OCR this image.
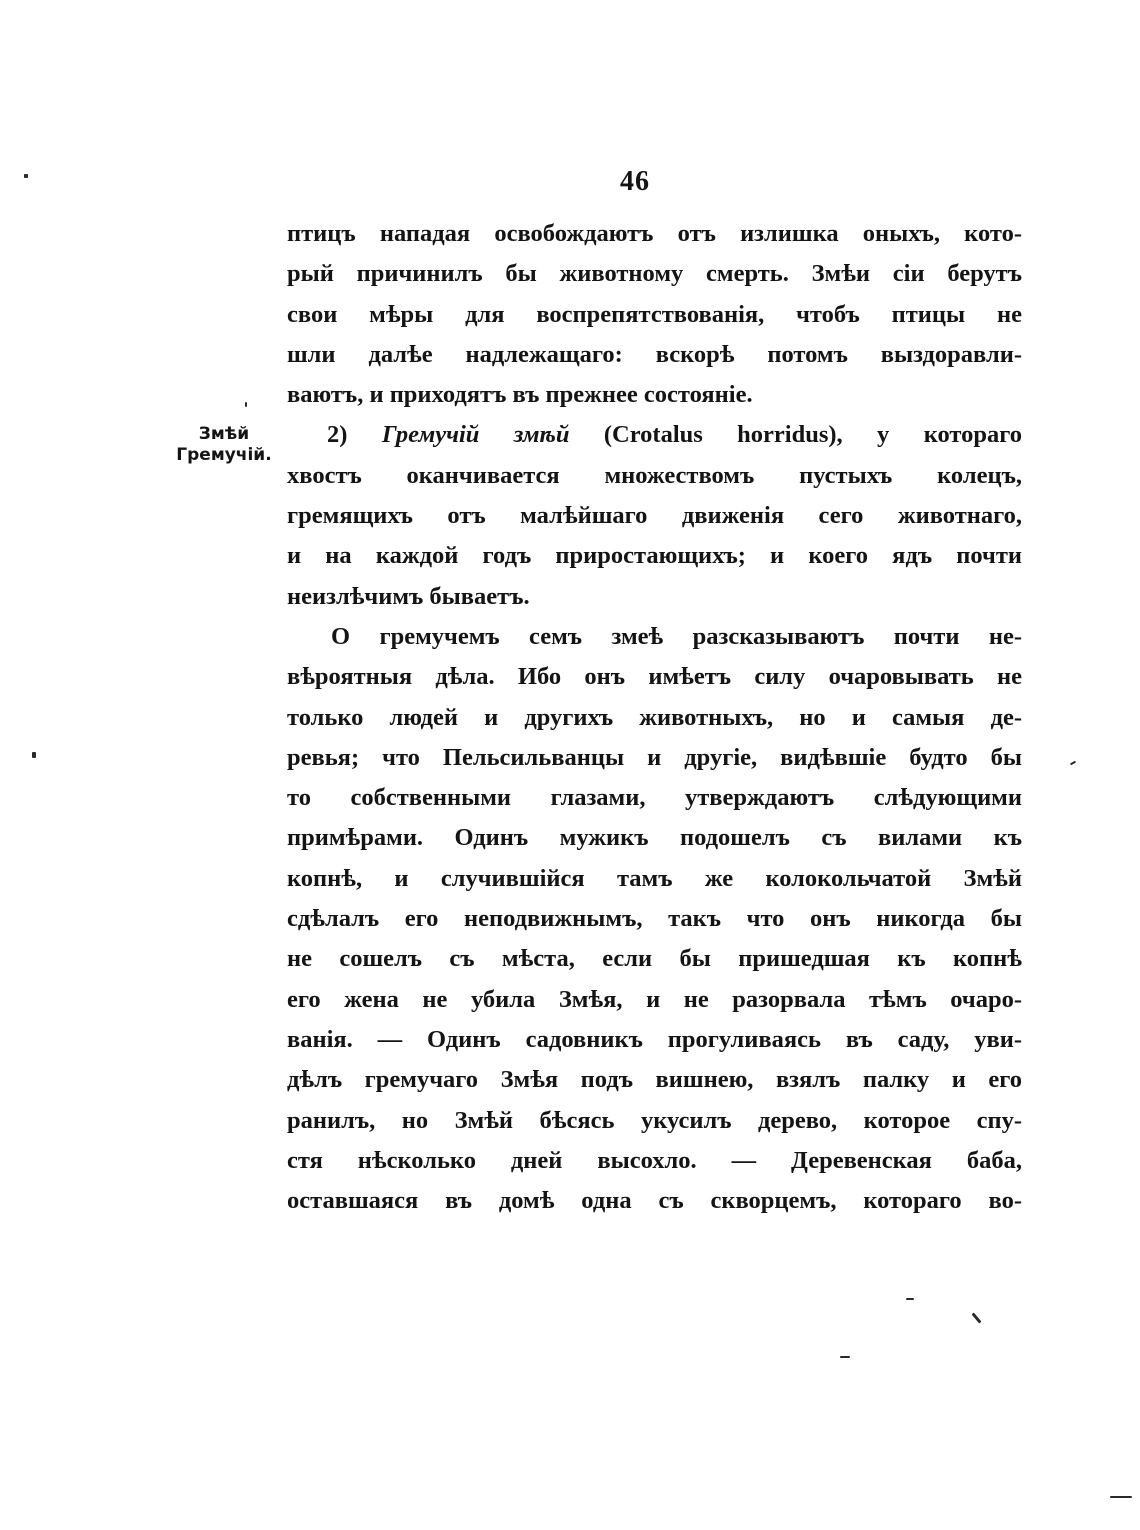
46
Змѣй
Гремучій.
птицъ нападая освобождаютъ отъ излишка оныхъ, кото-
рый причинилъ бы животному смерть. Змѣи сіи берутъ
свои мѣры для воспрепятствованія, чтобъ птицы не
шли далѣе надлежащаго: вскорѣ потомъ выздоравли-
ваютъ, и приходятъ въ прежнее состояніе.
2) Гремучій змѣй (Crotalus horridus), у котораго
хвостъ оканчивается множествомъ пустыхъ колецъ,
гремящихъ отъ малѣйшаго движенія сего животнаго,
и на каждой годъ приростающихъ; и коего ядъ почти
неизлѣчимъ бываетъ.
О гремучемъ семъ змеѣ разсказываютъ почти не-
вѣроятныя дѣла. Ибо онъ имѣетъ силу очаровывать не
только людей и другихъ животныхъ, но и самыя де-
ревья; что Пельсильванцы и другіе, видѣвшіе будто бы
то собственными глазами, утверждаютъ слѣдующими
примѣрами. Одинъ мужикъ подошелъ съ вилами къ
копнѣ, и случившійся тамъ же колокольчатой Змѣй
сдѣлалъ его неподвижнымъ, такъ что онъ никогда бы
не сошелъ съ мѣста, если бы пришедшая къ копнѣ
его жена не убила Змѣя, и не разорвала тѣмъ очаро-
ванія. — Одинъ садовникъ прогуливаясь въ саду, уви-
дѣлъ гремучаго Змѣя подъ вишнею, взялъ палку и его
ранилъ, но Змѣй бѣсясь укусилъ дерево, которое спу-
стя нѣсколько дней высохло. — Деревенская баба,
оставшаяся въ домѣ одна съ скворцемъ, котораго во-
